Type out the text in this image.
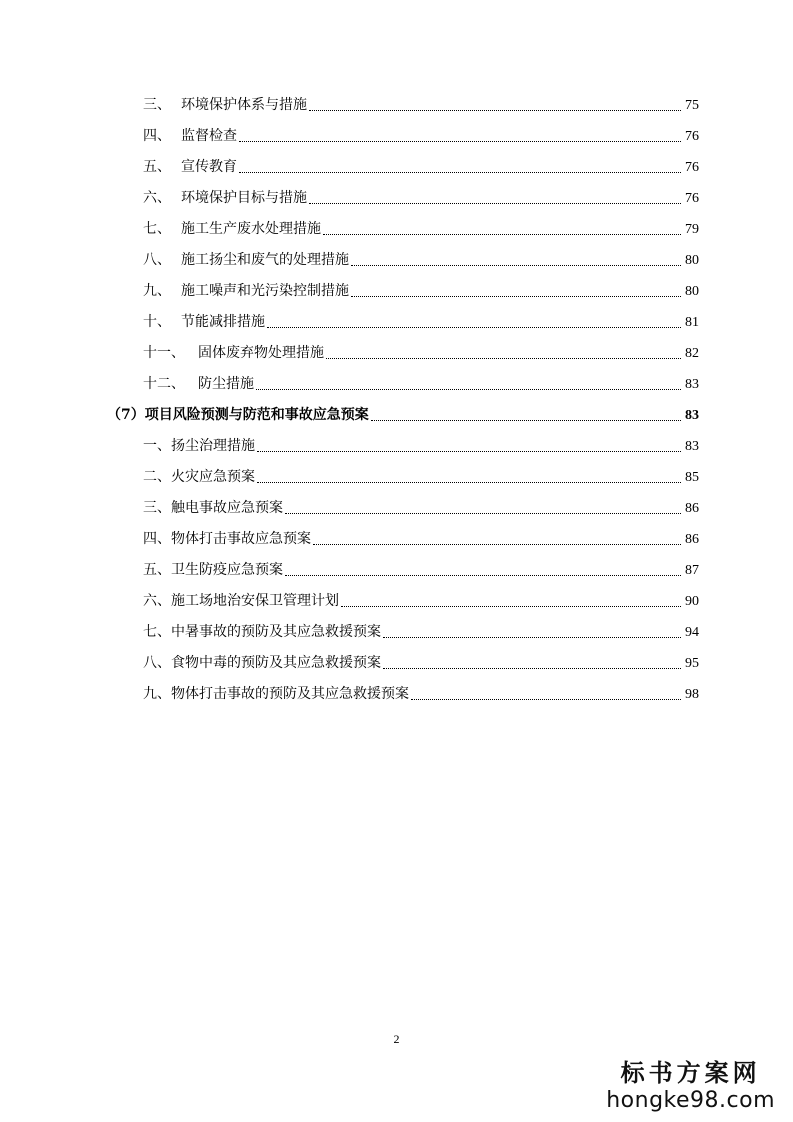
三、 环境保护体系与措施	75
四、 监督检查	76
五、 宣传教育	76
六、 环境保护目标与措施	76
七、 施工生产废水处理措施	79
八、 施工扬尘和废气的处理措施	80
九、 施工噪声和光污染控制措施	80
十、 节能减排措施	81
十一、 固体废弃物处理措施	82
十二、 防尘措施	83
（7）项目风险预测与防范和事故应急预案	83
一、扬尘治理措施	83
二、火灾应急预案	85
三、触电事故应急预案	86
四、物体打击事故应急预案	86
五、卫生防疫应急预案	87
六、施工场地治安保卫管理计划	90
七、中暑事故的预防及其应急救援预案	94
八、食物中毒的预防及其应急救援预案	95
九、物体打击事故的预防及其应急救援预案	98
2
标书方案网
hongke98.com
